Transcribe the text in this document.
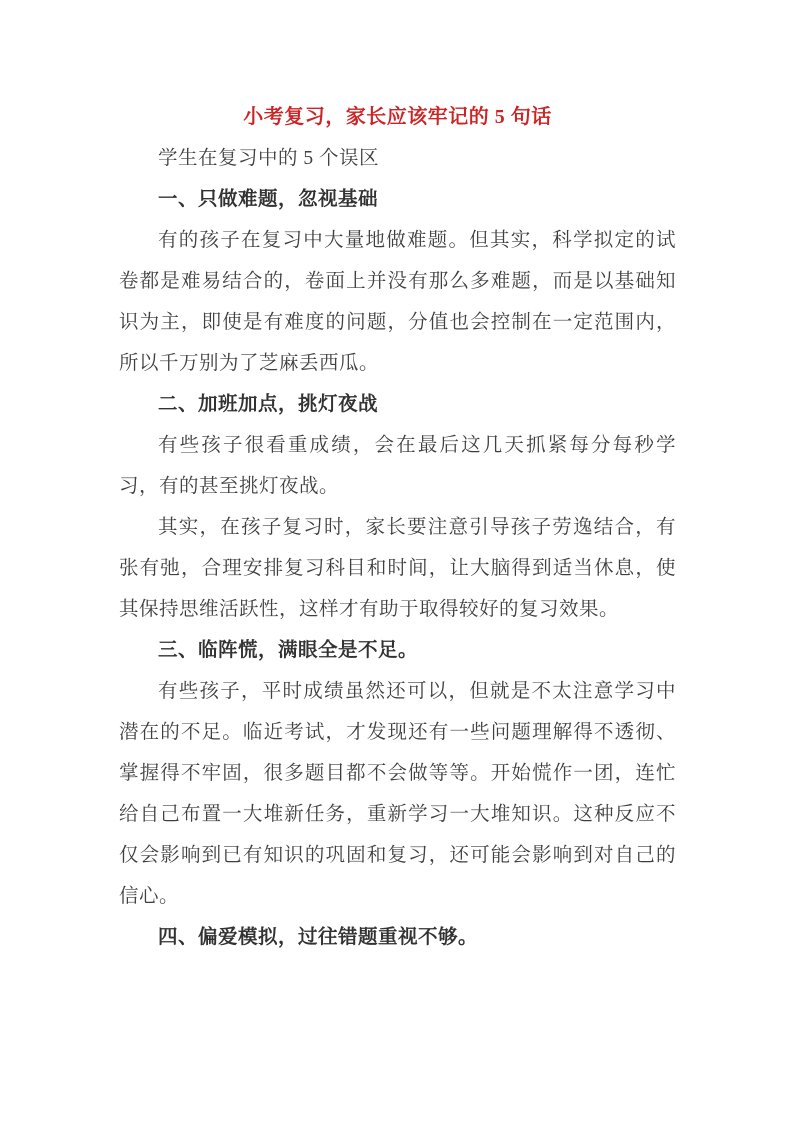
小考复习，家长应该牢记的 5 句话

学生在复习中的 5 个误区

一、只做难题，忽视基础

有的孩子在复习中大量地做难题。但其实，科学拟定的试卷都是难易结合的，卷面上并没有那么多难题，而是以基础知识为主，即使是有难度的问题，分值也会控制在一定范围内，所以千万别为了芝麻丢西瓜。

二、加班加点，挑灯夜战

有些孩子很看重成绩，会在最后这几天抓紧每分每秒学习，有的甚至挑灯夜战。

其实，在孩子复习时，家长要注意引导孩子劳逸结合，有张有弛，合理安排复习科目和时间，让大脑得到适当休息，使其保持思维活跃性，这样才有助于取得较好的复习效果。

三、临阵慌，满眼全是不足。

有些孩子，平时成绩虽然还可以，但就是不太注意学习中潜在的不足。临近考试，才发现还有一些问题理解得不透彻、掌握得不牢固，很多题目都不会做等等。开始慌作一团，连忙给自己布置一大堆新任务，重新学习一大堆知识。这种反应不仅会影响到已有知识的巩固和复习，还可能会影响到对自己的信心。

四、偏爱模拟，过往错题重视不够。
